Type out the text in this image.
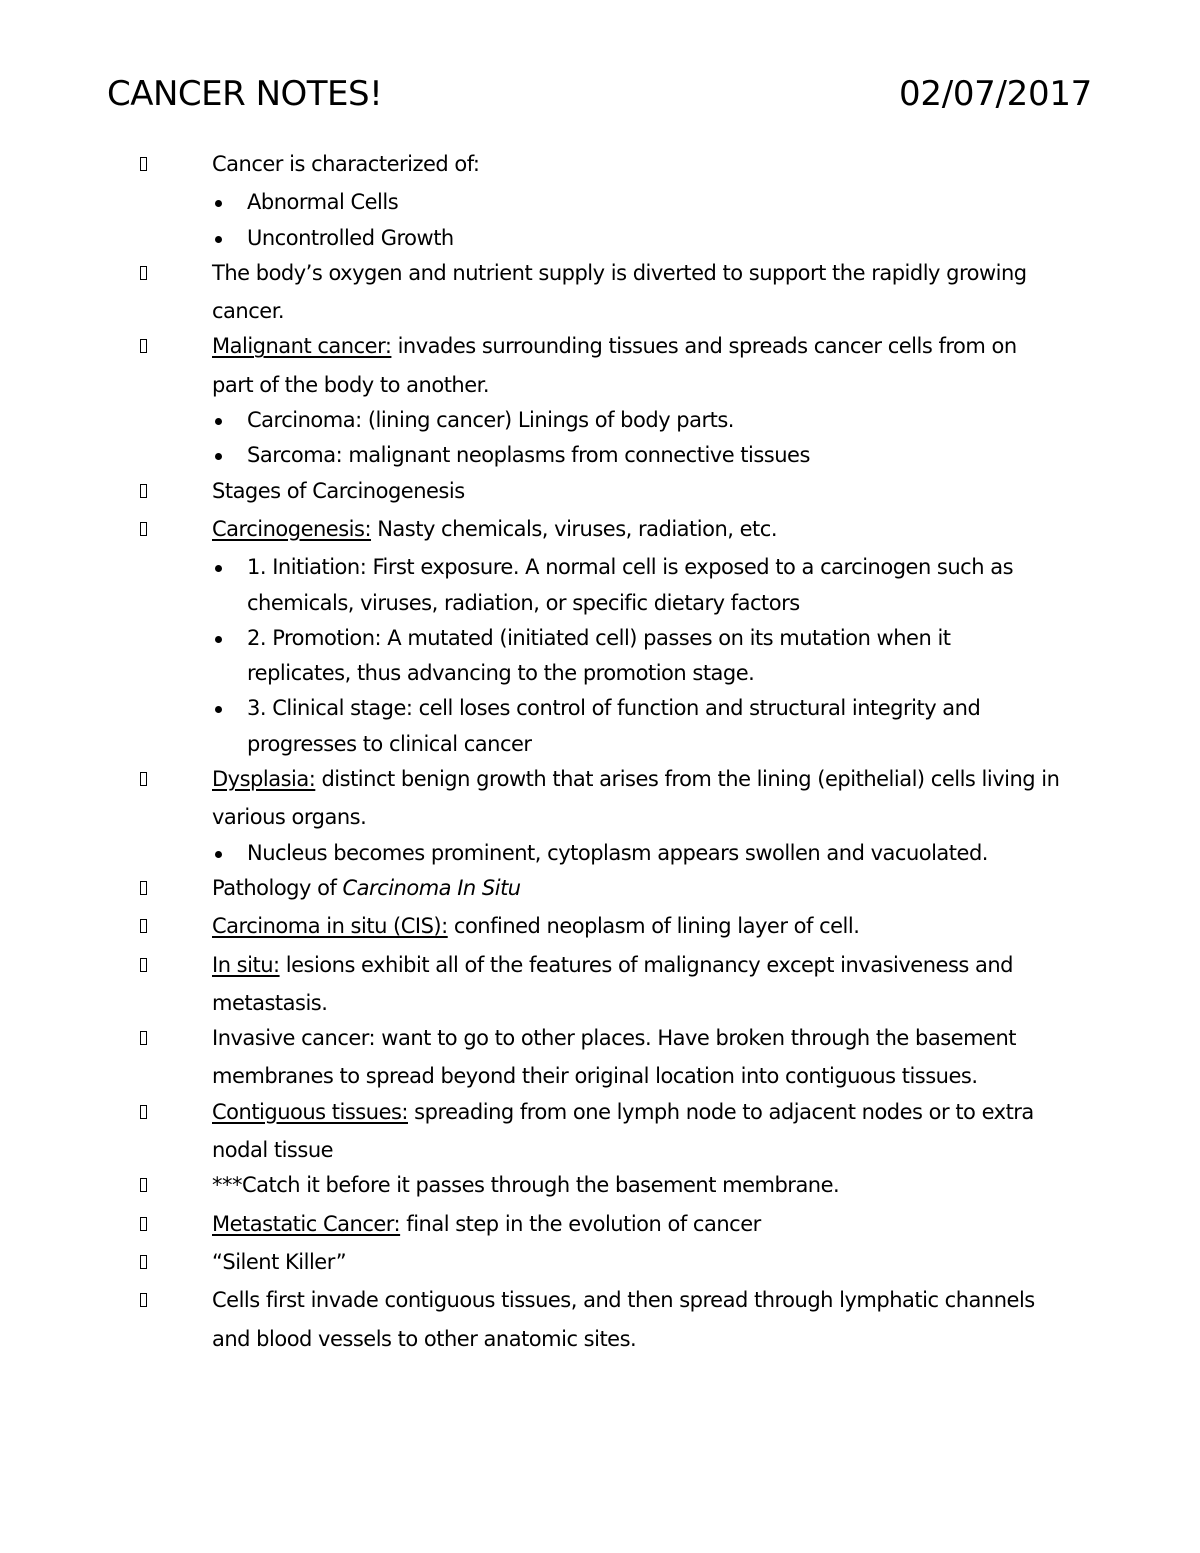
CANCER NOTES!	02/07/2017
Cancer is characterized of:
Abnormal Cells
Uncontrolled Growth
The body’s oxygen and nutrient supply is diverted to support the rapidly growing cancer.
Malignant cancer: invades surrounding tissues and spreads cancer cells from on part of the body to another.
Carcinoma: (lining cancer) Linings of body parts.
Sarcoma: malignant neoplasms from connective tissues
Stages of Carcinogenesis
Carcinogenesis: Nasty chemicals, viruses, radiation, etc.
1. Initiation: First exposure. A normal cell is exposed to a carcinogen such as chemicals, viruses, radiation, or specific dietary factors
2. Promotion: A mutated (initiated cell) passes on its mutation when it replicates, thus advancing to the promotion stage.
3. Clinical stage: cell loses control of function and structural integrity and progresses to clinical cancer
Dysplasia: distinct benign growth that arises from the lining (epithelial) cells living in various organs.
Nucleus becomes prominent, cytoplasm appears swollen and vacuolated.
Pathology of Carcinoma In Situ
Carcinoma in situ (CIS): confined neoplasm of lining layer of cell.
In situ: lesions exhibit all of the features of malignancy except invasiveness and metastasis.
Invasive cancer: want to go to other places. Have broken through the basement membranes to spread beyond their original location into contiguous tissues.
Contiguous tissues: spreading from one lymph node to adjacent nodes or to extra nodal tissue
***Catch it before it passes through the basement membrane.
Metastatic Cancer: final step in the evolution of cancer
“Silent Killer”
Cells first invade contiguous tissues, and then spread through lymphatic channels and blood vessels to other anatomic sites.
